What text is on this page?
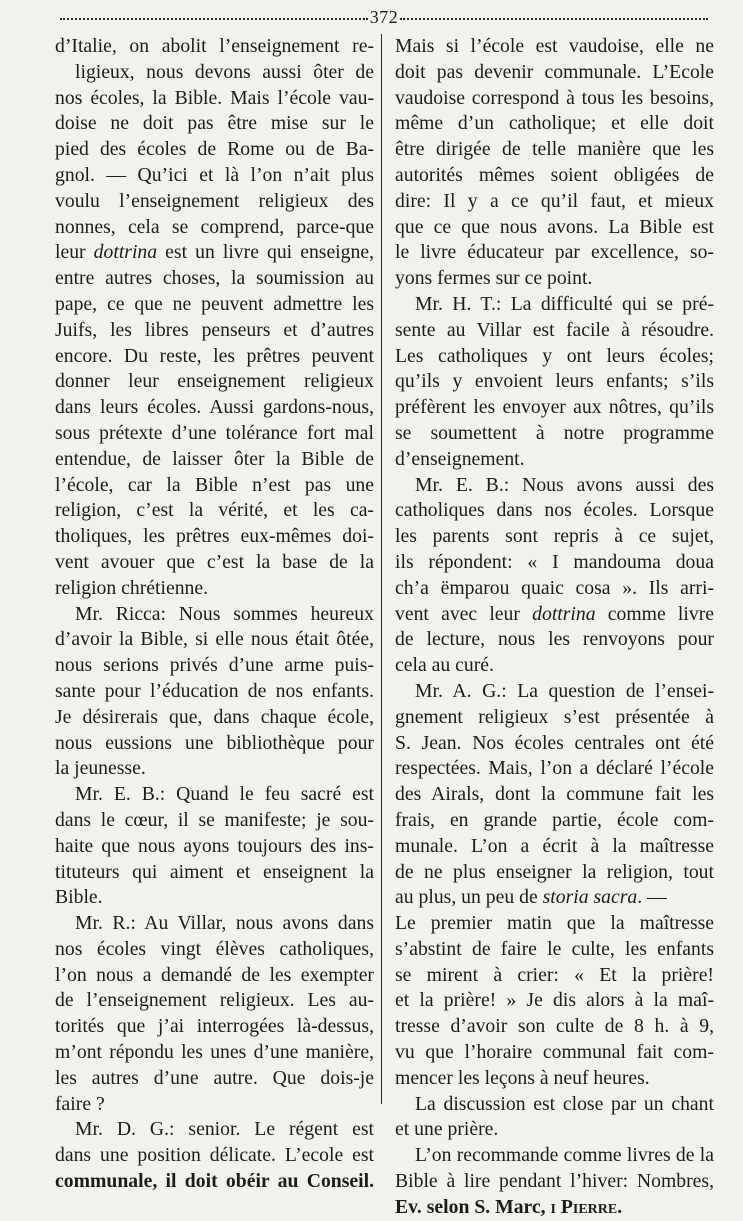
372

d’Italie, on abolit l’enseignement re-

ligieux, nous devons aussi ôter de

nos écoles, la Bible. Mais l’école vau-

doise ne doit pas être mise sur le

pied des écoles de Rome ou de Ba-

gnol. — Qu’ici et là l’on n’ait plus

voulu l’enseignement religieux des

nonnes, cela se comprend, parce-que

leur dottrina est un livre qui enseigne,

entre autres choses, la soumission au

pape, ce que ne peuvent admettre les

Juifs, les libres penseurs et d’autres

encore. Du reste, les prêtres peuvent

donner leur enseignement religieux

dans leurs écoles. Aussi gardons-nous,

sous prétexte d’une tolérance fort mal

entendue, de laisser ôter la Bible de

l’école, car la Bible n’est pas une

religion, c’est la vérité, et les ca-

tholiques, les prêtres eux-mêmes doi-

vent avouer que c’est la base de la

religion chrétienne.

Mr. Ricca: Nous sommes heureux

d’avoir la Bible, si elle nous était ôtée,

nous serions privés d’une arme puis-

sante pour l’éducation de nos enfants.

Je désirerais que, dans chaque école,

nous eussions une bibliothèque pour

la jeunesse.

Mr. E. B.: Quand le feu sacré est

dans le cœur, il se manifeste; je sou-

haite que nous ayons toujours des ins-

tituteurs qui aiment et enseignent la

Bible.

Mr. R.: Au Villar, nous avons dans

nos écoles vingt élèves catholiques,

l’on nous a demandé de les exempter

de l’enseignement religieux. Les au-

torités que j’ai interrogées là-dessus,

m’ont répondu les unes d’une manière,

les autres d’une autre. Que dois-je

faire ?

Mr. D. G.: senior. Le régent est

dans une position délicate. L’ecole est

communale, il doit obéir au Conseil.

Mais si l’école est vaudoise, elle ne

doit pas devenir communale. L’Ecole

vaudoise correspond à tous les besoins,

même d’un catholique; et elle doit

être dirigée de telle manière que les

autorités mêmes soient obligées de

dire: Il y a ce qu’il faut, et mieux

que ce que nous avons. La Bible est

le livre éducateur par excellence, so-

yons fermes sur ce point.

Mr. H. T.: La difficulté qui se pré-

sente au Villar est facile à résoudre.

Les catholiques y ont leurs écoles;

qu’ils y envoient leurs enfants; s’ils

préfèrent les envoyer aux nôtres, qu’ils

se soumettent à notre programme

d’enseignement.

Mr. E. B.: Nous avons aussi des

catholiques dans nos écoles. Lorsque

les parents sont repris à ce sujet,

ils répondent: « I mandouma doua

ch’a ëmparou quaic cosa ». Ils arri-

vent avec leur dottrina comme livre

de lecture, nous les renvoyons pour

cela au curé.

Mr. A. G.: La question de l’ensei-

gnement religieux s’est présentée à

S. Jean. Nos écoles centrales ont été

respectées. Mais, l’on a déclaré l’école

des Airals, dont la commune fait les

frais, en grande partie, école com-

munale. L’on a écrit à la maîtresse

de ne plus enseigner la religion, tout

au plus, un peu de storia sacra. —

Le premier matin que la maîtresse

s’abstint de faire le culte, les enfants

se mirent à crier: « Et la prière!

et la prière! » Je dis alors à la maî-

tresse d’avoir son culte de 8 h. à 9,

vu que l’horaire communal fait com-

mencer les leçons à neuf heures.

La discussion est close par un chant

et une prière.

L’on recommande comme livres de la

Bible à lire pendant l’hiver: Nombres,

Ev. selon S. Marc, i Pierre.
